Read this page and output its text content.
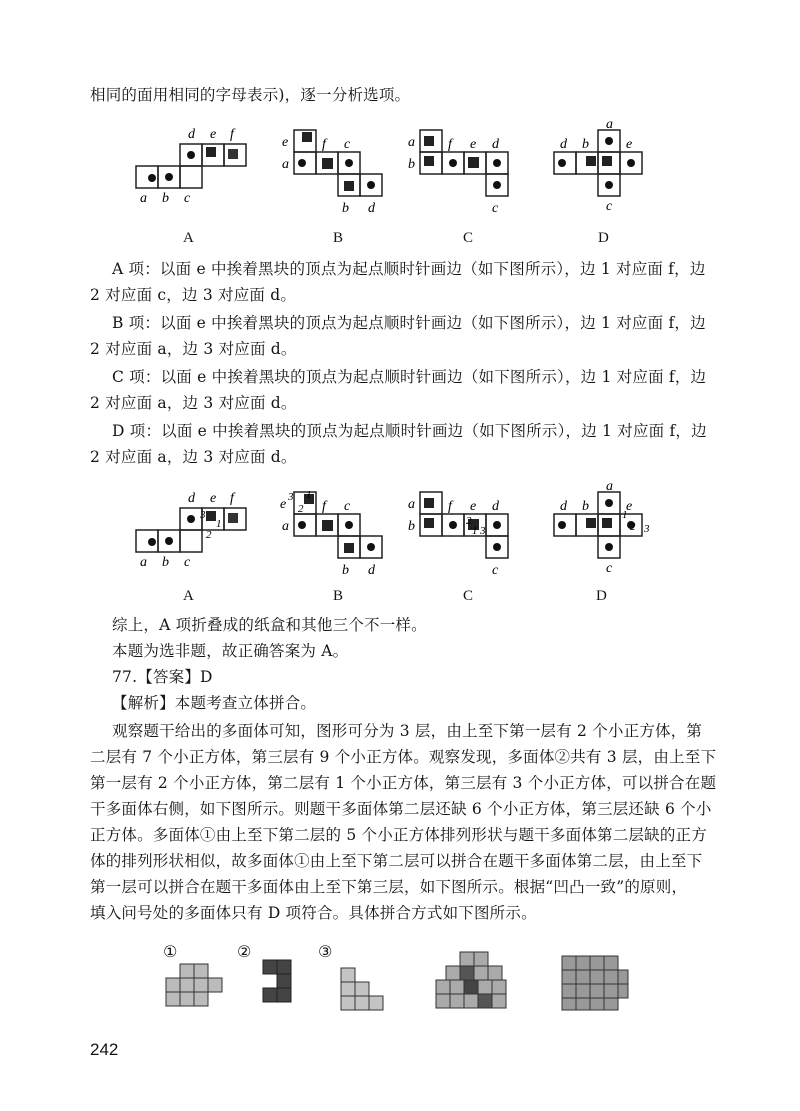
相同的面用相同的字母表示)，逐一分析选项。
d e f
a b c
e f c
a
b d
a f e d
b
c
a
d b	e
c
A	B	C	D
A 项：以面 e 中挨着黑块的顶点为起点顺时针画边（如下图所示），边 1 对应面 f，边
2 对应面 c，边 3 对应面 d。
B 项：以面 e 中挨着黑块的顶点为起点顺时针画边（如下图所示），边 1 对应面 f，边
2 对应面 a，边 3 对应面 d。
C 项：以面 e 中挨着黑块的顶点为起点顺时针画边（如下图所示），边 1 对应面 f，边
2 对应面 a，边 3 对应面 d。
D 项：以面 e 中挨着黑块的顶点为起点顺时针画边（如下图所示），边 1 对应面 f，边
2 对应面 a，边 3 对应面 d。
d e f
a b c
1
2
3
e	f c
a
b d
1
2
3	a f e d
b
c
1
2
3
a
d b	e
c
1
2 3
A	B	C	D
综上，A 项折叠成的纸盒和其他三个不一样。
本题为选非题，故正确答案为 A。
77.【答案】D
【解析】本题考查立体拼合。
观察题干给出的多面体可知，图形可分为 3 层，由上至下第一层有 2 个小正方体，第
二层有 7 个小正方体，第三层有 9 个小正方体。观察发现，多面体②共有 3 层，由上至下
第一层有 2 个小正方体，第二层有 1 个小正方体，第三层有 3 个小正方体，可以拼合在题
干多面体右侧，如下图所示。则题干多面体第二层还缺 6 个小正方体，第三层还缺 6 个小
正方体。多面体①由上至下第二层的 5 个小正方体排列形状与题干多面体第二层缺的正方
体的排列形状相似，故多面体①由上至下第二层可以拼合在题干多面体第二层，由上至下
第一层可以拼合在题干多面体由上至下第三层，如下图所示。根据“凹凸一致”的原则，
填入问号处的多面体只有 D 项符合。具体拼合方式如下图所示。
①	②	③
242
